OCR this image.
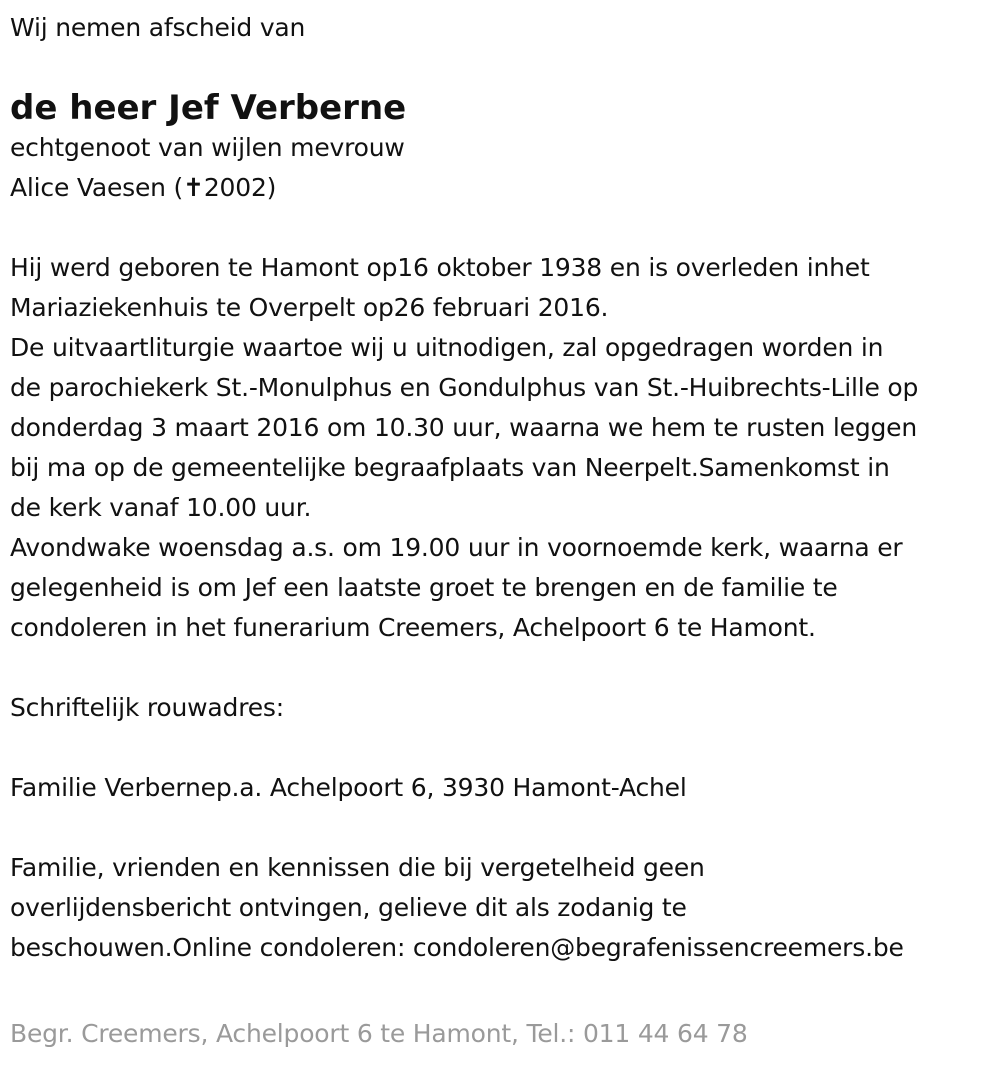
Wij nemen afscheid van
de heer Jef Verberne
echtgenoot van wijlen mevrouw
Alice Vaesen (✝2002)
Hij werd geboren te Hamont op16 oktober 1938 en is overleden inhet
Mariaziekenhuis te Overpelt op26 februari 2016.
De uitvaartliturgie waartoe wij u uitnodigen, zal opgedragen worden in
de parochiekerk St.-Monulphus en Gondulphus van St.-Huibrechts-Lille op
donderdag 3 maart 2016 om 10.30 uur, waarna we hem te rusten leggen
bij ma op de gemeentelijke begraafplaats van Neerpelt.Samenkomst in
de kerk vanaf 10.00 uur.
Avondwake woensdag a.s. om 19.00 uur in voornoemde kerk, waarna er
gelegenheid is om Jef een laatste groet te brengen en de familie te
condoleren in het funerarium Creemers, Achelpoort 6 te Hamont.
Schriftelijk rouwadres:
Familie Verbernep.a. Achelpoort 6, 3930 Hamont-Achel
Familie, vrienden en kennissen die bij vergetelheid geen
overlijdensbericht ontvingen, gelieve dit als zodanig te
beschouwen.Online condoleren: condoleren@begrafenissencreemers.be
Begr. Creemers, Achelpoort 6 te Hamont, Tel.: 011 44 64 78
